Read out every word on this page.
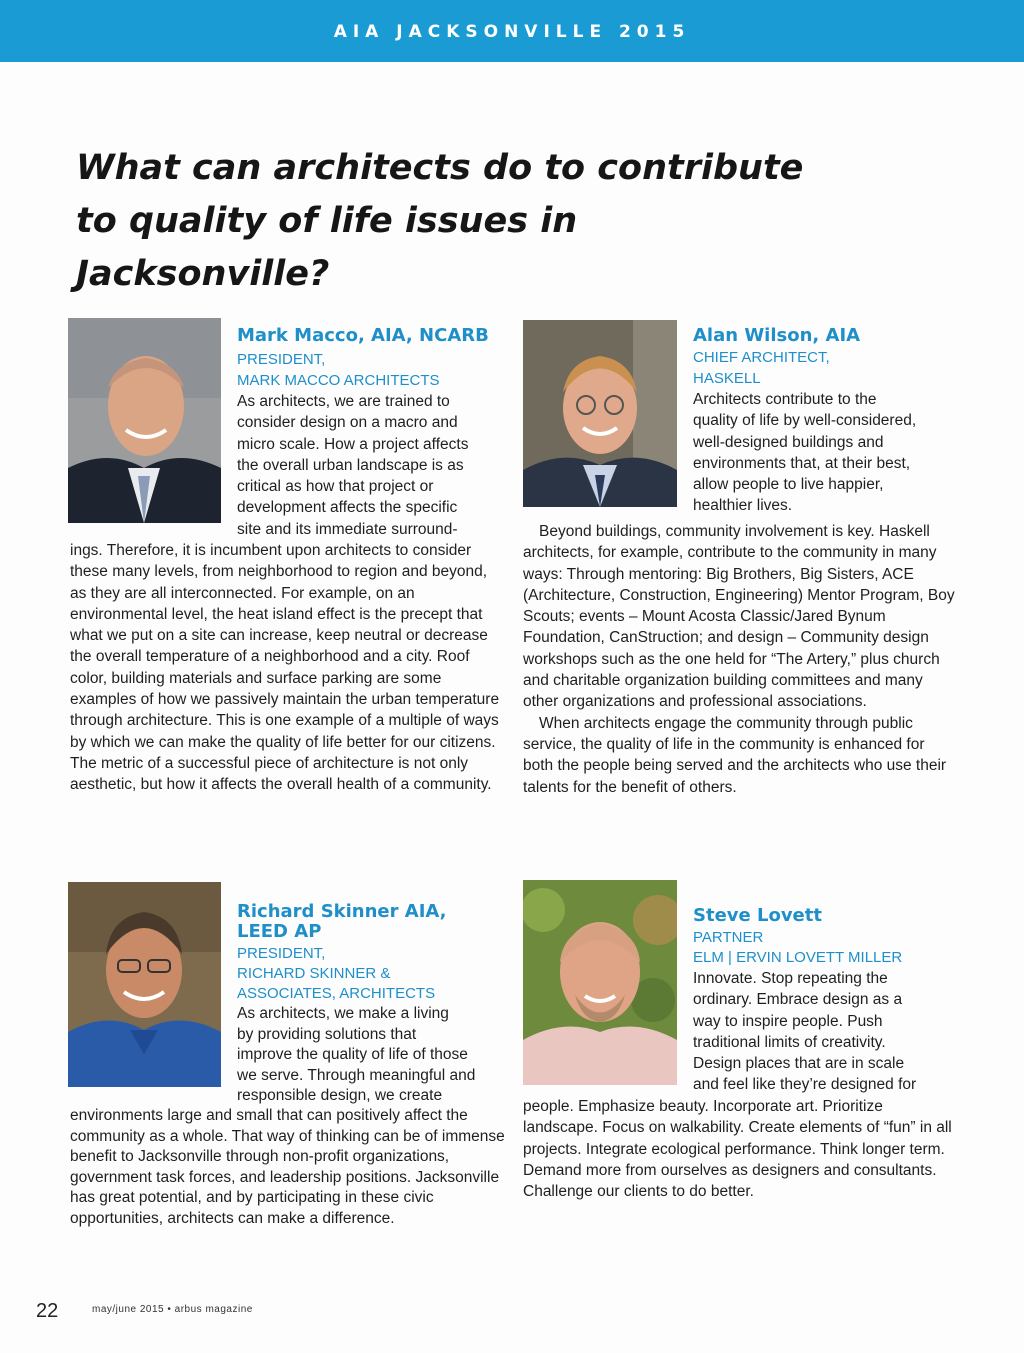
AIA JACKSONVILLE 2015
What can architects do to contribute to quality of life issues in Jacksonville?
Mark Macco, AIA, NCARB
PRESIDENT,
MARK MACCO ARCHITECTS
As architects, we are trained to
consider design on a macro and
micro scale. How a project affects
the overall urban landscape is as
critical as how that project or
development affects the specific
site and its immediate surround-
ings. Therefore, it is incumbent upon architects to consider these many levels, from neighborhood to region and beyond, as they are all interconnected. For example, on an environmental level, the heat island effect is the precept that what we put on a site can increase, keep neutral or decrease the overall temperature of a neighborhood and a city. Roof color, building materials and surface parking are some examples of how we passively maintain the urban temperature through architecture. This is one example of a multiple of ways by which we can make the quality of life better for our citizens. The metric of a successful piece of architecture is not only aesthetic, but how it affects the overall health of a community.
Alan Wilson, AIA
CHIEF ARCHITECT,
HASKELL
Architects contribute to the
quality of life by well-considered,
well-designed buildings and
environments that, at their best,
allow people to live happier,
healthier lives.

Beyond buildings, community involvement is key. Haskell architects, for example, contribute to the community in many ways: Through mentoring: Big Brothers, Big Sisters, ACE (Architecture, Construction, Engineering) Mentor Program, Boy Scouts; events – Mount Acosta Classic/Jared Bynum Foundation, CanStruction; and design – Community design workshops such as the one held for “The Artery,” plus church and charitable organization building committees and many other organizations and professional associations.

When architects engage the community through public service, the quality of life in the community is enhanced for both the people being served and the architects who use their talents for the benefit of others.

Richard Skinner AIA,
LEED AP
PRESIDENT,
RICHARD SKINNER &
ASSOCIATES, ARCHITECTS
As architects, we make a living
by providing solutions that
improve the quality of life of those
we serve. Through meaningful and
responsible design, we create
environments large and small that can positively affect the community as a whole. That way of thinking can be of immense benefit to Jacksonville through non-profit organizations, government task forces, and leadership positions. Jacksonville has great potential, and by participating in these civic opportunities, architects can make a difference.
Steve Lovett
PARTNER
ELM | ERVIN LOVETT MILLER
Innovate. Stop repeating the
ordinary. Embrace design as a
way to inspire people. Push
traditional limits of creativity.
Design places that are in scale
and feel like they’re designed for
people. Emphasize beauty. Incorporate art. Prioritize landscape. Focus on walkability. Create elements of “fun” in all projects. Integrate ecological performance. Think longer term. Demand more from ourselves as designers and consultants. Challenge our clients to do better.
22	may/june 2015 • arbus magazine
